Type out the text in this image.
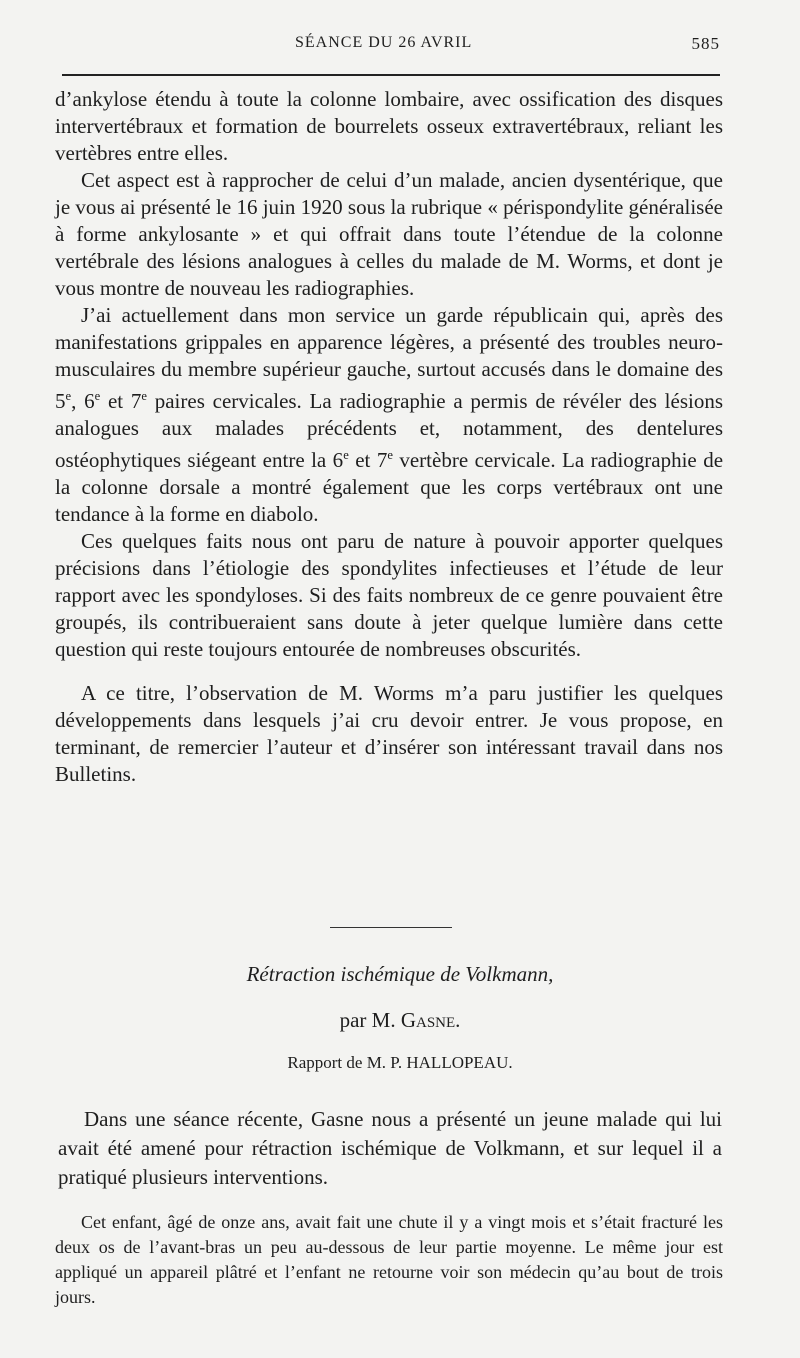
SÉANCE DU 26 AVRIL	585

d’ankylose étendu à toute la colonne lombaire, avec ossification des disques intervertébraux et formation de bourrelets osseux extravertébraux, reliant les vertèbres entre elles.

Cet aspect est à rapprocher de celui d’un malade, ancien dysentérique, que je vous ai présenté le 16 juin 1920 sous la rubrique « périspondylite généralisée à forme ankylosante » et qui offrait dans toute l’étendue de la colonne vertébrale des lésions analogues à celles du malade de M. Worms, et dont je vous montre de nouveau les radiographies.

J’ai actuellement dans mon service un garde républicain qui, après des manifestations grippales en apparence légères, a présenté des troubles neuro-musculaires du membre supérieur gauche, surtout accusés dans le domaine des 5e, 6e et 7e paires cervicales. La radiographie a permis de révéler des lésions analogues aux malades précédents et, notamment, des dentelures ostéophytiques siégeant entre la 6e et 7e vertèbre cervicale. La radiographie de la colonne dorsale a montré également que les corps vertébraux ont une tendance à la forme en diabolo.

Ces quelques faits nous ont paru de nature à pouvoir apporter quelques précisions dans l’étiologie des spondylites infectieuses et l’étude de leur rapport avec les spondyloses. Si des faits nombreux de ce genre pouvaient être groupés, ils contribueraient sans doute à jeter quelque lumière dans cette question qui reste toujours entourée de nombreuses obscurités.

A ce titre, l’observation de M. Worms m’a paru justifier les quelques développements dans lesquels j’ai cru devoir entrer. Je vous propose, en terminant, de remercier l’auteur et d’insérer son intéressant travail dans nos Bulletins.

Rétraction ischémique de Volkmann,
par M. Gasne.
Rapport de M. P. HALLOPEAU.

Dans une séance récente, Gasne nous a présenté un jeune malade qui lui avait été amené pour rétraction ischémique de Volkmann, et sur lequel il a pratiqué plusieurs interventions.

Cet enfant, âgé de onze ans, avait fait une chute il y a vingt mois et s’était fracturé les deux os de l’avant-bras un peu au-dessous de leur partie moyenne. Le même jour est appliqué un appareil plâtré et l’enfant ne retourne voir son médecin qu’au bout de trois jours.
